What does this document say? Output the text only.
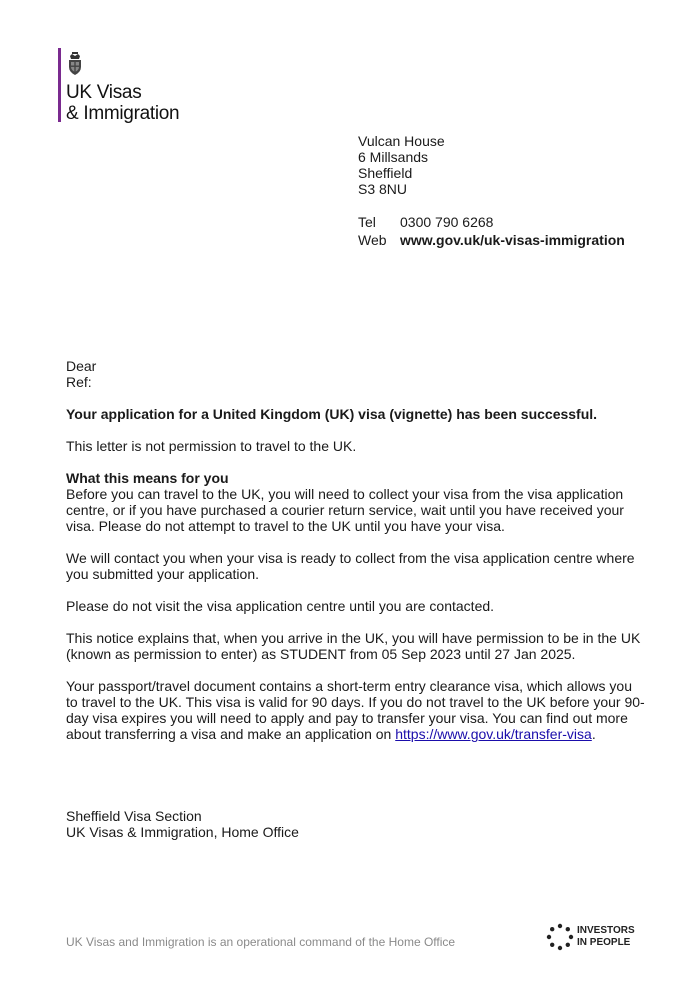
UK Visas
& Immigration
Vulcan House
6 Millsands
Sheffield
S3 8NU
Tel	0300 790 6268
Web www.gov.uk/uk-visas-immigration

Dear
Ref:

Your application for a United Kingdom (UK) visa (vignette) has been successful.

This letter is not permission to travel to the UK.

What this means for you
Before you can travel to the UK, you will need to collect your visa from the visa application centre, or if you have purchased a courier return service, wait until you have received your visa. Please do not attempt to travel to the UK until you have your visa.

We will contact you when your visa is ready to collect from the visa application centre where you submitted your application.

Please do not visit the visa application centre until you are contacted.

This notice explains that, when you arrive in the UK, you will have permission to be in the UK (known as permission to enter) as STUDENT from 05 Sep 2023 until 27 Jan 2025.

Your passport/travel document contains a short-term entry clearance visa, which allows you to travel to the UK. This visa is valid for 90 days. If you do not travel to the UK before your 90-day visa expires you will need to apply and pay to transfer your visa. You can find out more about transferring a visa and make an application on https://www.gov.uk/transfer-visa.

Sheffield Visa Section
UK Visas & Immigration, Home Office
UK Visas and Immigration is an operational command of the Home Office
INVESTORS
IN PEOPLE
